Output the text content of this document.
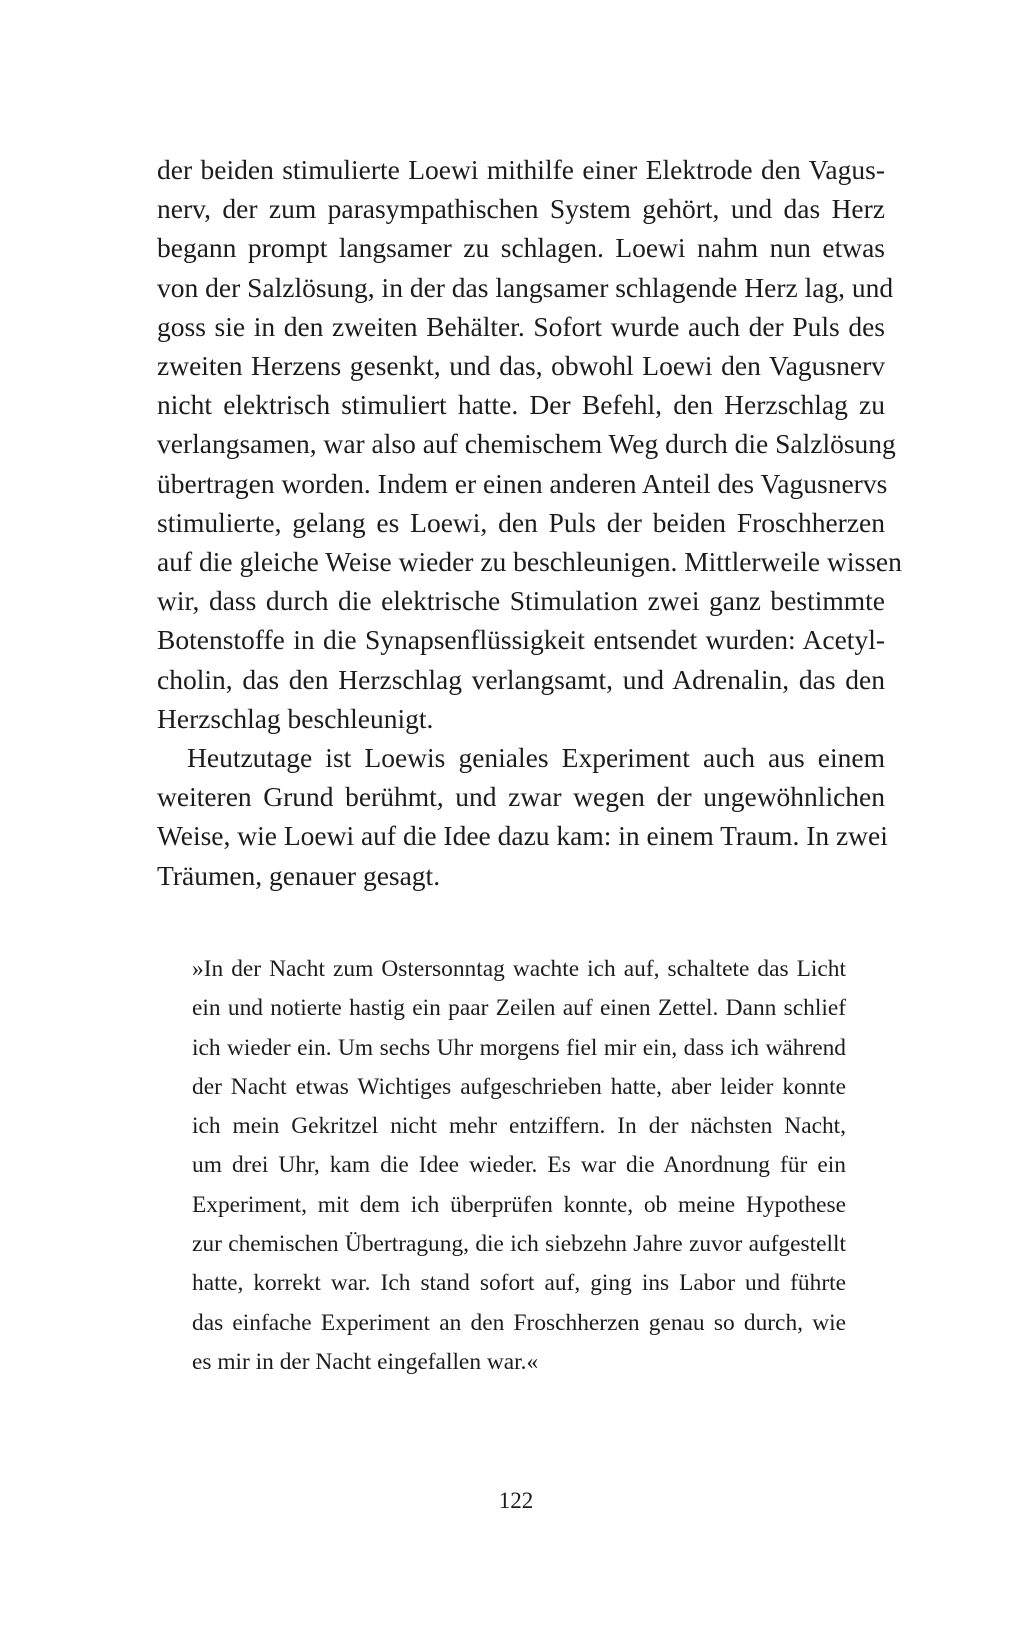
der beiden stimulierte Loewi mithilfe einer Elektrode den Vagus-
nerv, der zum parasympathischen System gehört, und das Herz
begann prompt langsamer zu schlagen. Loewi nahm nun etwas
von der Salzlösung, in der das langsamer schlagende Herz lag, und
goss sie in den zweiten Behälter. Sofort wurde auch der Puls des
zweiten Herzens gesenkt, und das, obwohl Loewi den Vagusnerv
nicht elektrisch stimuliert hatte. Der Befehl, den Herzschlag zu
verlangsamen, war also auf chemischem Weg durch die Salzlösung
übertragen worden. Indem er einen anderen Anteil des Vagusnervs
stimulierte, gelang es Loewi, den Puls der beiden Froschherzen
auf die gleiche Weise wieder zu beschleunigen. Mittlerweile wissen
wir, dass durch die elektrische Stimulation zwei ganz bestimmte
Botenstoffe in die Synapsenflüssigkeit entsendet wurden: Acetyl-
cholin, das den Herzschlag verlangsamt, und Adrenalin, das den
Herzschlag beschleunigt.
Heutzutage ist Loewis geniales Experiment auch aus einem
weiteren Grund berühmt, und zwar wegen der ungewöhnlichen
Weise, wie Loewi auf die Idee dazu kam: in einem Traum. In zwei
Träumen, genauer gesagt.
»In der Nacht zum Ostersonntag wachte ich auf, schaltete das Licht
ein und notierte hastig ein paar Zeilen auf einen Zettel. Dann schlief
ich wieder ein. Um sechs Uhr morgens fiel mir ein, dass ich während
der Nacht etwas Wichtiges aufgeschrieben hatte, aber leider konnte
ich mein Gekritzel nicht mehr entziffern. In der nächsten Nacht,
um drei Uhr, kam die Idee wieder. Es war die Anordnung für ein
Experiment, mit dem ich überprüfen konnte, ob meine Hypothese
zur chemischen Übertragung, die ich siebzehn Jahre zuvor aufgestellt
hatte, korrekt war. Ich stand sofort auf, ging ins Labor und führte
das einfache Experiment an den Froschherzen genau so durch, wie
es mir in der Nacht eingefallen war.«
122
